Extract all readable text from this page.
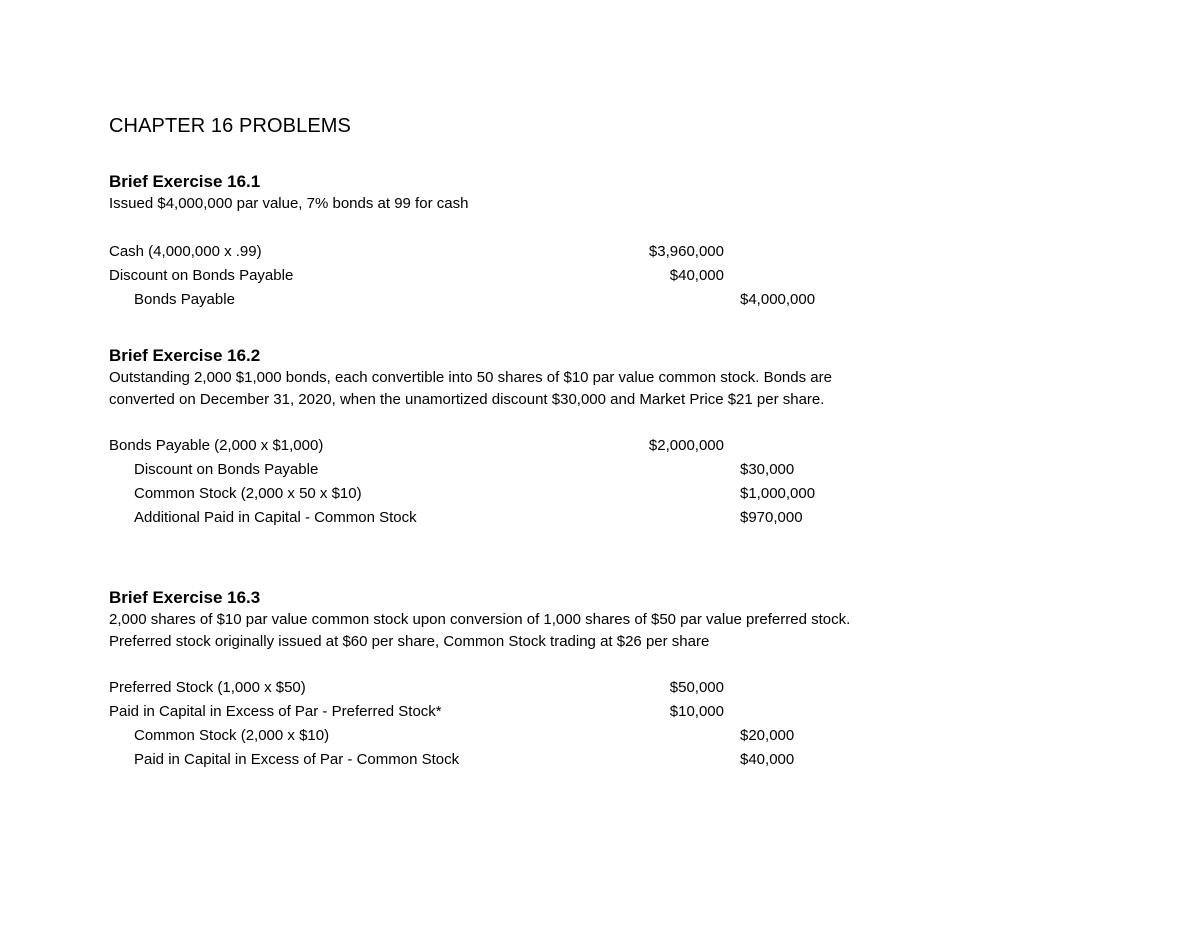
CHAPTER 16 PROBLEMS
Brief Exercise 16.1
Issued $4,000,000 par value, 7% bonds at 99 for cash
Cash (4,000,000 x .99)	$3,960,000
Discount on Bonds Payable	$40,000
Bonds Payable	$4,000,000
Brief Exercise 16.2
Outstanding 2,000 $1,000 bonds, each convertible into 50 shares of $10 par value common stock. Bonds are converted on December 31, 2020, when the unamortized discount $30,000 and Market Price $21 per share.
Bonds Payable (2,000 x $1,000)	$2,000,000
Discount on Bonds Payable	$30,000
Common Stock (2,000 x 50 x $10)	$1,000,000
Additional Paid in Capital - Common Stock	$970,000
Brief Exercise 16.3
2,000 shares of $10 par value common stock upon conversion of 1,000 shares of $50 par value preferred stock. Preferred stock originally issued at $60 per share, Common Stock trading at $26 per share
Preferred Stock (1,000 x $50)	$50,000
Paid in Capital in Excess of Par - Preferred Stock*	$10,000
Common Stock (2,000 x $10)	$20,000
Paid in Capital in Excess of Par - Common Stock	$40,000
